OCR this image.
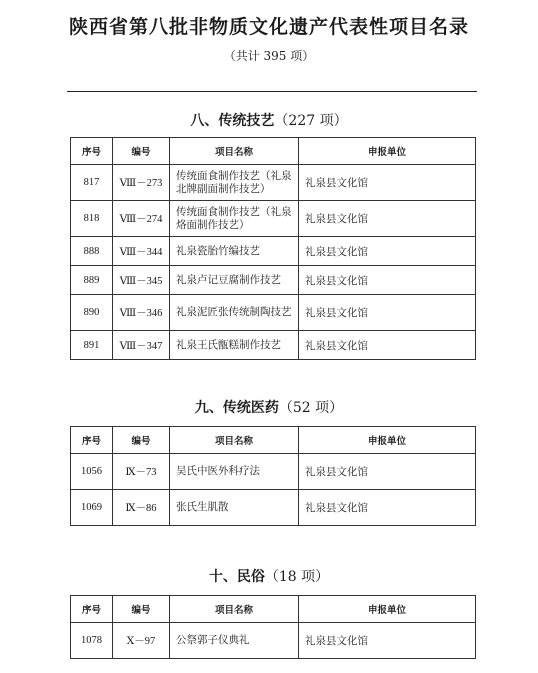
陕西省第八批非物质文化遗产代表性项目名录
（共计 395 项）
八、传统技艺（227 项）
序号	编号	项目名称	申报单位
817	Ⅷ－273	传统面食制作技艺（礼泉北牌副面制作技艺）	礼泉县文化馆
818	Ⅷ－274	传统面食制作技艺（礼泉烙面制作技艺）	礼泉县文化馆
888	Ⅷ－344	礼泉瓷胎竹编技艺	礼泉县文化馆
889	Ⅷ－345	礼泉卢记豆腐制作技艺	礼泉县文化馆
890	Ⅷ－346	礼泉泥匠张传统制陶技艺	礼泉县文化馆
891	Ⅷ－347	礼泉王氏甑糕制作技艺	礼泉县文化馆
九、传统医药（52 项）
序号	编号	项目名称	申报单位
1056	Ⅸ－73	吴氏中医外科疗法	礼泉县文化馆
1069	Ⅸ－86	张氏生肌散	礼泉县文化馆
十、民俗（18 项）
序号	编号	项目名称	申报单位
1078	Ⅹ－97	公祭郭子仪典礼	礼泉县文化馆
